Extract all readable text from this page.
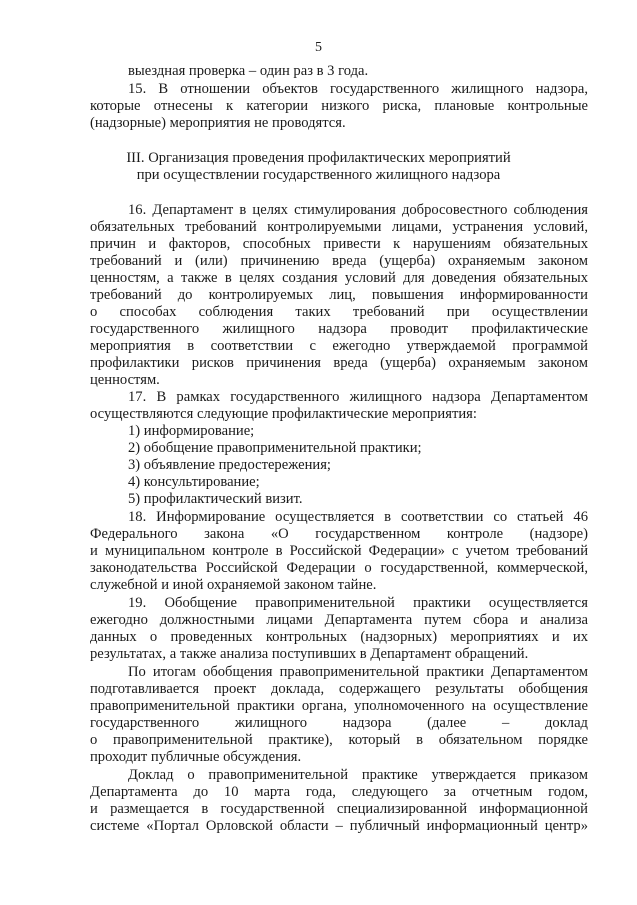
5
выездная проверка – один раз в 3 года.
15. В отношении объектов государственного жилищного надзора,
которые отнесены к категории низкого риска, плановые контрольные
(надзорные) мероприятия не проводятся.
III. Организация проведения профилактических мероприятий
при осуществлении государственного жилищного надзора
16. Департамент в целях стимулирования добросовестного соблюдения
обязательных требований контролируемыми лицами, устранения условий,
причин и факторов, способных привести к нарушениям обязательных
требований и (или) причинению вреда (ущерба) охраняемым законом
ценностям, а также в целях создания условий для доведения обязательных
требований до контролируемых лиц, повышения информированности
о способах соблюдения таких требований при осуществлении
государственного жилищного надзора проводит профилактические
мероприятия в соответствии с ежегодно утверждаемой программой
профилактики рисков причинения вреда (ущерба) охраняемым законом
ценностям.
17. В рамках государственного жилищного надзора Департаментом
осуществляются следующие профилактические мероприятия:
1) информирование;
2) обобщение правоприменительной практики;
3) объявление предостережения;
4) консультирование;
5) профилактический визит.
18. Информирование осуществляется в соответствии со статьей 46
Федерального закона «О государственном контроле (надзоре)
и муниципальном контроле в Российской Федерации» с учетом требований
законодательства Российской Федерации о государственной, коммерческой,
служебной и иной охраняемой законом тайне.
19. Обобщение правоприменительной практики осуществляется
ежегодно должностными лицами Департамента путем сбора и анализа
данных о проведенных контрольных (надзорных) мероприятиях и их
результатах, а также анализа поступивших в Департамент обращений.
По итогам обобщения правоприменительной практики Департаментом
подготавливается проект доклада, содержащего результаты обобщения
правоприменительной практики органа, уполномоченного на осуществление
государственного жилищного надзора (далее – доклад
о правоприменительной практике), который в обязательном порядке
проходит публичные обсуждения.
Доклад о правоприменительной практике утверждается приказом
Департамента до 10 марта года, следующего за отчетным годом,
и размещается в государственной специализированной информационной
системе «Портал Орловской области – публичный информационный центр»
